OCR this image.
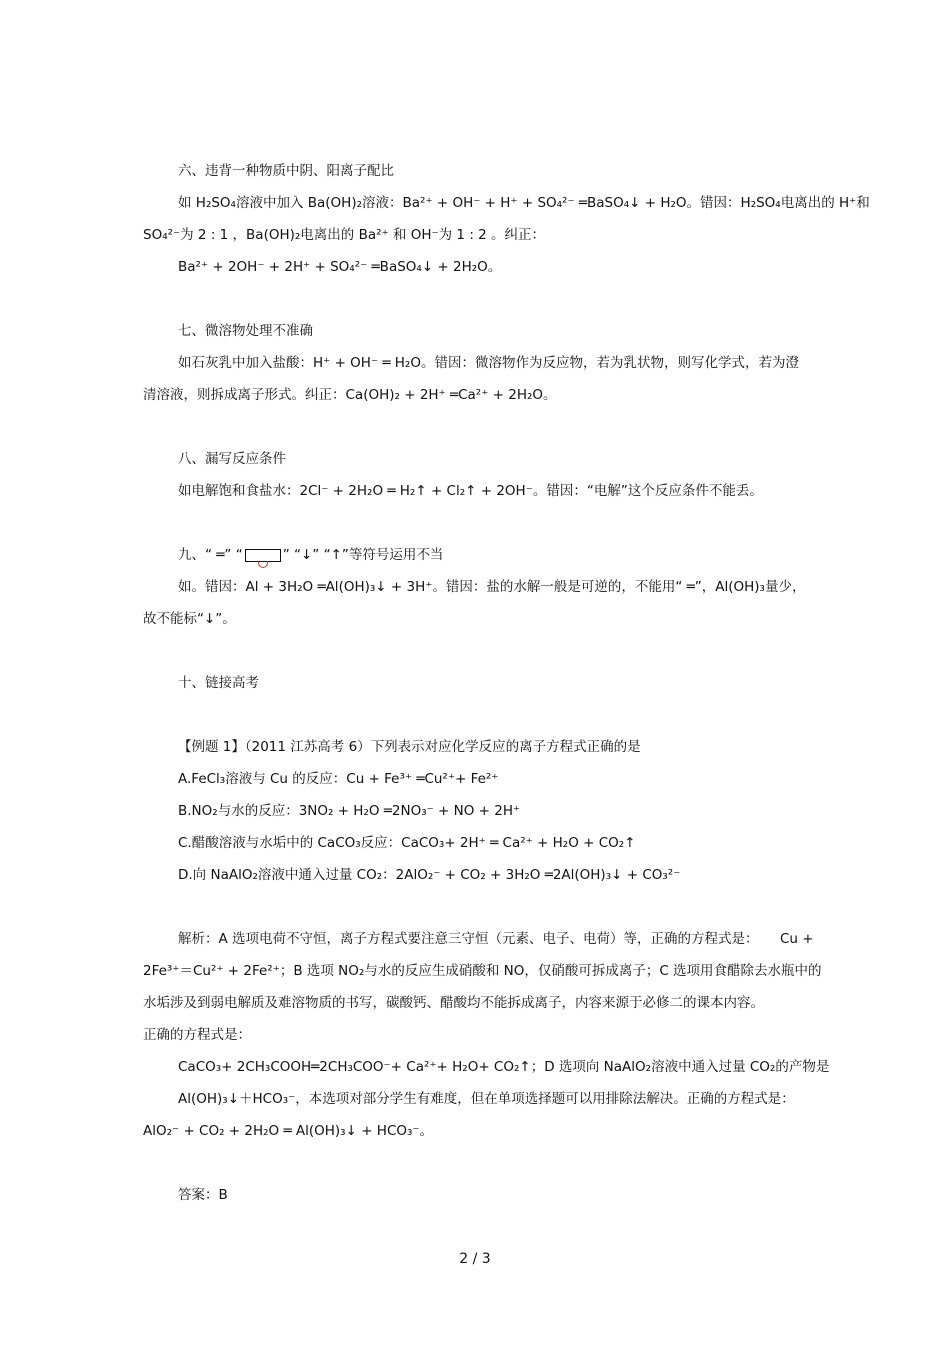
六、违背一种物质中阴、阳离子配比
如 H₂SO₄溶液中加入 Ba(OH)₂溶液：Ba²⁺ + OH⁻ + H⁺ + SO₄²⁻ ═BaSO₄↓ + H₂O。错因：H₂SO₄电离出的 H⁺和
SO₄²⁻为 2 : 1 ，Ba(OH)₂电离出的 Ba²⁺ 和 OH⁻为 1 : 2 。纠正：
Ba²⁺ + 2OH⁻ + 2H⁺ + SO₄²⁻ ═BaSO₄↓ + 2H₂O。
七、微溶物处理不准确
如石灰乳中加入盐酸：H⁺ + OH⁻ ═ H₂O。错因：微溶物作为反应物，若为乳状物，则写化学式，若为澄
清溶液，则拆成离子形式。纠正：Ca(OH)₂ + 2H⁺ ═Ca²⁺ + 2H₂O。
八、漏写反应条件
如电解饱和食盐水：2Cl⁻ + 2H₂O ═ H₂↑ + Cl₂↑ + 2OH⁻。错因：“电解”这个反应条件不能丢。
九、“ ═” “	” “↓” “↑”等符号运用不当
如。错因：Al + 3H₂O ═Al(OH)₃↓ + 3H⁺。错因：盐的水解一般是可逆的，不能用“ ═”，Al(OH)₃量少，
故不能标“↓”。
十、链接高考
【例题 1】（2011 江苏高考 6）下列表示对应化学反应的离子方程式正确的是
A.FeCl₃溶液与 Cu 的反应：Cu + Fe³⁺ ═Cu²⁺+ Fe²⁺
B.NO₂与水的反应：3NO₂ + H₂O ═2NO₃⁻ + NO + 2H⁺
C.醋酸溶液与水垢中的 CaCO₃反应：CaCO₃+ 2H⁺ ═ Ca²⁺ + H₂O + CO₂↑
D.向 NaAlO₂溶液中通入过量 CO₂：2AlO₂⁻ + CO₂ + 3H₂O ═2Al(OH)₃↓ + CO₃²⁻
解析：A 选项电荷不守恒，离子方程式要注意三守恒（元素、电子、电荷）等，正确的方程式是： Cu +
2Fe³⁺＝Cu²⁺ + 2Fe²⁺；B 选项 NO₂与水的反应生成硝酸和 NO，仅硝酸可拆成离子；C 选项用食醋除去水瓶中的
水垢涉及到弱电解质及难溶物质的书写，碳酸钙、醋酸均不能拆成离子，内容来源于必修二的课本内容。
正确的方程式是：
CaCO₃+ 2CH₃COOH═2CH₃COO⁻+ Ca²⁺+ H₂O+ CO₂↑；D 选项向 NaAlO₂溶液中通入过量 CO₂的产物是
Al(OH)₃↓＋HCO₃⁻，本选项对部分学生有难度，但在单项选择题可以用排除法解决。正确的方程式是：
AlO₂⁻ + CO₂ + 2H₂O ═ Al(OH)₃↓ + HCO₃⁻。
答案：B
2 / 3
